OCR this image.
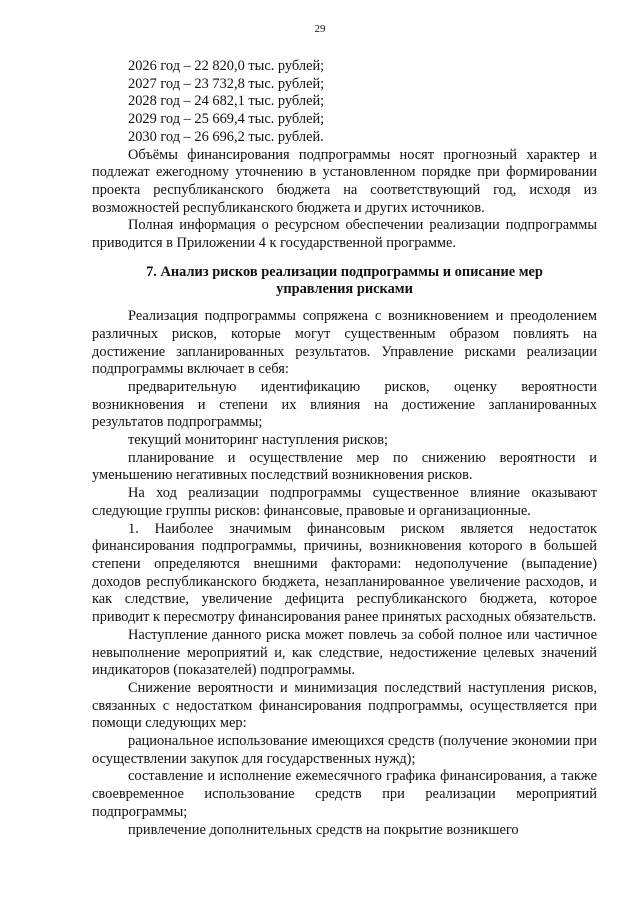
29
2026 год – 22 820,0 тыс. рублей;
2027 год – 23 732,8 тыс. рублей;
2028 год – 24 682,1 тыс. рублей;
2029 год – 25 669,4 тыс. рублей;
2030 год – 26 696,2 тыс. рублей.

Объёмы финансирования подпрограммы носят прогнозный характер и подлежат ежегодному уточнению в установленном порядке при формировании проекта республиканского бюджета на соответствующий год, исходя из возможностей республиканского бюджета и других источников.

Полная информация о ресурсном обеспечении реализации подпрограммы приводится в Приложении 4 к государственной программе.

7. Анализ рисков реализации подпрограммы и описание мер управления рисками

Реализация подпрограммы сопряжена с возникновением и преодолением различных рисков, которые могут существенным образом повлиять на достижение запланированных результатов. Управление рисками реализации подпрограммы включает в себя:

предварительную идентификацию рисков, оценку вероятности возникновения и степени их влияния на достижение запланированных результатов подпрограммы;

текущий мониторинг наступления рисков;

планирование и осуществление мер по снижению вероятности и уменьшению негативных последствий возникновения рисков.

На ход реализации подпрограммы существенное влияние оказывают следующие группы рисков: финансовые, правовые и организационные.

1. Наиболее значимым финансовым риском является недостаток финансирования подпрограммы, причины, возникновения которого в большей степени определяются внешними факторами: недополучение (выпадение) доходов республиканского бюджета, незапланированное увеличение расходов, и как следствие, увеличение дефицита республиканского бюджета, которое приводит к пересмотру финансирования ранее принятых расходных обязательств.

Наступление данного риска может повлечь за собой полное или частичное невыполнение мероприятий и, как следствие, недостижение целевых значений индикаторов (показателей) подпрограммы.

Снижение вероятности и минимизация последствий наступления рисков, связанных с недостатком финансирования подпрограммы, осуществляется при помощи следующих мер:

рациональное использование имеющихся средств (получение экономии при осуществлении закупок для государственных нужд);

составление и исполнение ежемесячного графика финансирования, а также своевременное использование средств при реализации мероприятий подпрограммы;

привлечение дополнительных средств на покрытие возникшего
